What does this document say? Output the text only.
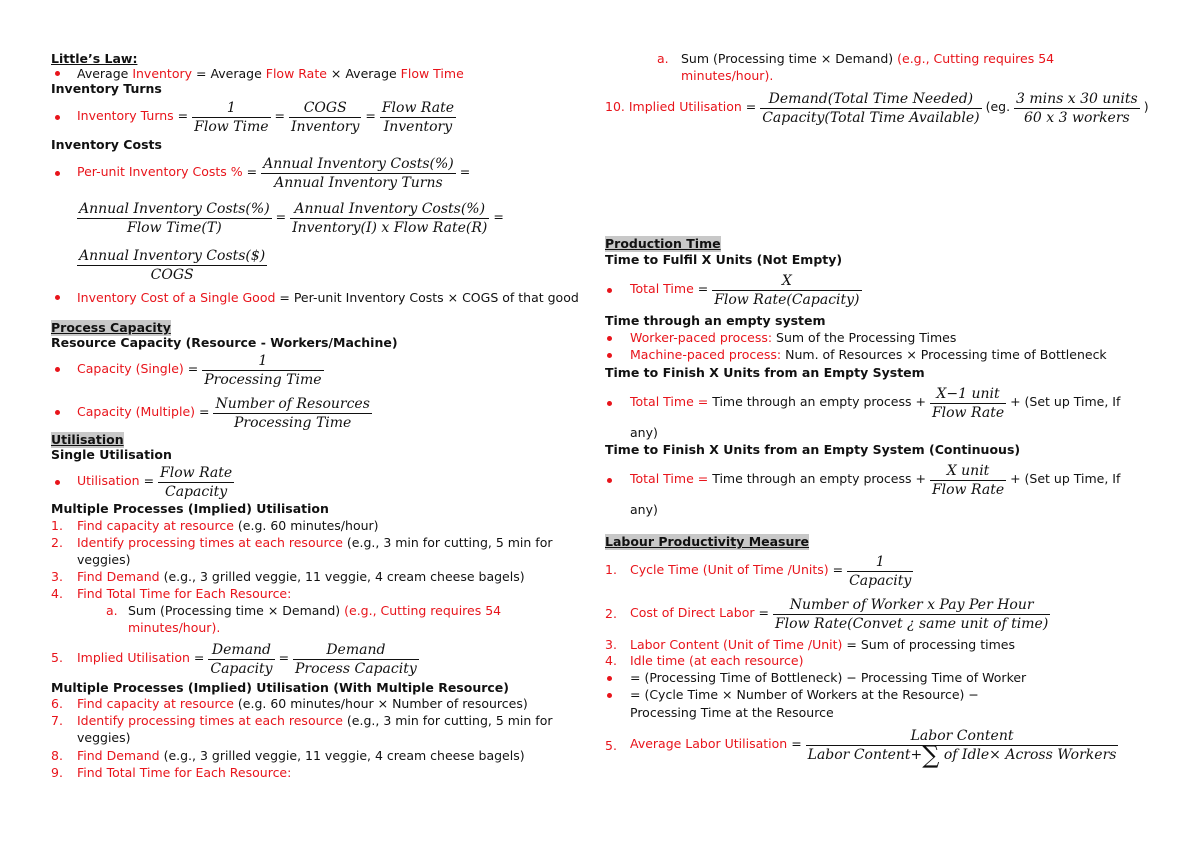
Little’s Law:
Average Inventory = Average Flow Rate × Average Flow Time
Inventory Turns
Inventory Turns = $\frac{1}{\text{Flow Time}} = \frac{\text{COGS}}{\text{Inventory}} = \frac{\text{Flow Rate}}{\text{Inventory}}$
Inventory Costs
Per-unit Inventory Costs % = $\frac{\text{Annual Inventory Costs(\%)}}{\text{Annual Inventory Turns}}$ =
$\frac{\text{Annual Inventory Costs(\%)}}{\text{Flow Time(T)}} = \frac{\text{Annual Inventory Costs(\%)}}{\text{Inventory(I) x Flow Rate(R)}}$ =
$\frac{\text{Annual Inventory Costs(\$)}}{\text{COGS}}$
Inventory Cost of a Single Good = Per-unit Inventory Costs × COGS of that good
Process Capacity
Resource Capacity (Resource - Workers/Machine)
Capacity (Single) = $\frac{1}{\text{Processing Time}}$
Capacity (Multiple) = $\frac{\text{Number of Resources}}{\text{Processing Time}}$
Utilisation
Single Utilisation
Utilisation = $\frac{\text{Flow Rate}}{\text{Capacity}}$
Multiple Processes (Implied) Utilisation
1. Find capacity at resource (e.g. 60 minutes/hour)
2. Identify processing times at each resource (e.g., 3 min for cutting, 5 min for
veggies)
3. Find Demand (e.g., 3 grilled veggie, 11 veggie, 4 cream cheese bagels)
4. Find Total Time for Each Resource:
a. Sum (Processing time × Demand) (e.g., Cutting requires 54
minutes/hour).
5. Implied Utilisation = $\frac{\text{Demand}}{\text{Capacity}} = \frac{\text{Demand}}{\text{Process Capacity}}$
Multiple Processes (Implied) Utilisation (With Multiple Resource)
6. Find capacity at resource (e.g. 60 minutes/hour × Number of resources)
7. Identify processing times at each resource (e.g., 3 min for cutting, 5 min for
veggies)
8. Find Demand (e.g., 3 grilled veggie, 11 veggie, 4 cream cheese bagels)
9. Find Total Time for Each Resource:
a. Sum (Processing time × Demand) (e.g., Cutting requires 54
minutes/hour).
10. Implied Utilisation = $\frac{\text{Demand(Total Time Needed)}}{\text{Capacity(Total Time Available)}} (eg$. $\frac{\text{3 mins x 30 units}}{\text{60 x 3 workers}}$ )
Production Time
Time to Fulfil X Units (Not Empty)
Total Time = $\frac{X}{\text{Flow Rate(Capacity)}}$
Time through an empty system
Worker-paced process: Sum of the Processing Times
Machine-paced process: Num. of Resources × Processing time of Bottleneck
Time to Finish X Units from an Empty System
Total Time = Time through an empty process + $\frac{\text{X−1 unit}}{\text{Flow Rate}} + (Set$ up Time, If
any)
Time to Finish X Units from an Empty System (Continuous)
Total Time = Time through an empty process + $\frac{\text{X unit}}{\text{Flow Rate}} + (Set$ up Time, If
any)
Labour Productivity Measure
1. Cycle Time (Unit of Time /Units) = $\frac{1}{\text{Capacity}}$
2. Cost of Direct Labor = $\frac{\text{Number of Worker x Pay Per Hour}}{\text{Flow Rate(Convet ¿ same unit of time)}}$
3. Labor Content (Unit of Time /Unit) = Sum of processing times
4. Idle time (at each resource)
= (Processing Time of Bottleneck) − Processing Time of Worker
= (Cycle Time × Number of Workers at the Resource) −
Processing Time at the Resource
5. Average Labor Utilisation = $\frac{\text{Labor Content}}{\text{Labor Content+∑ of Idle× Across Workers}}$
